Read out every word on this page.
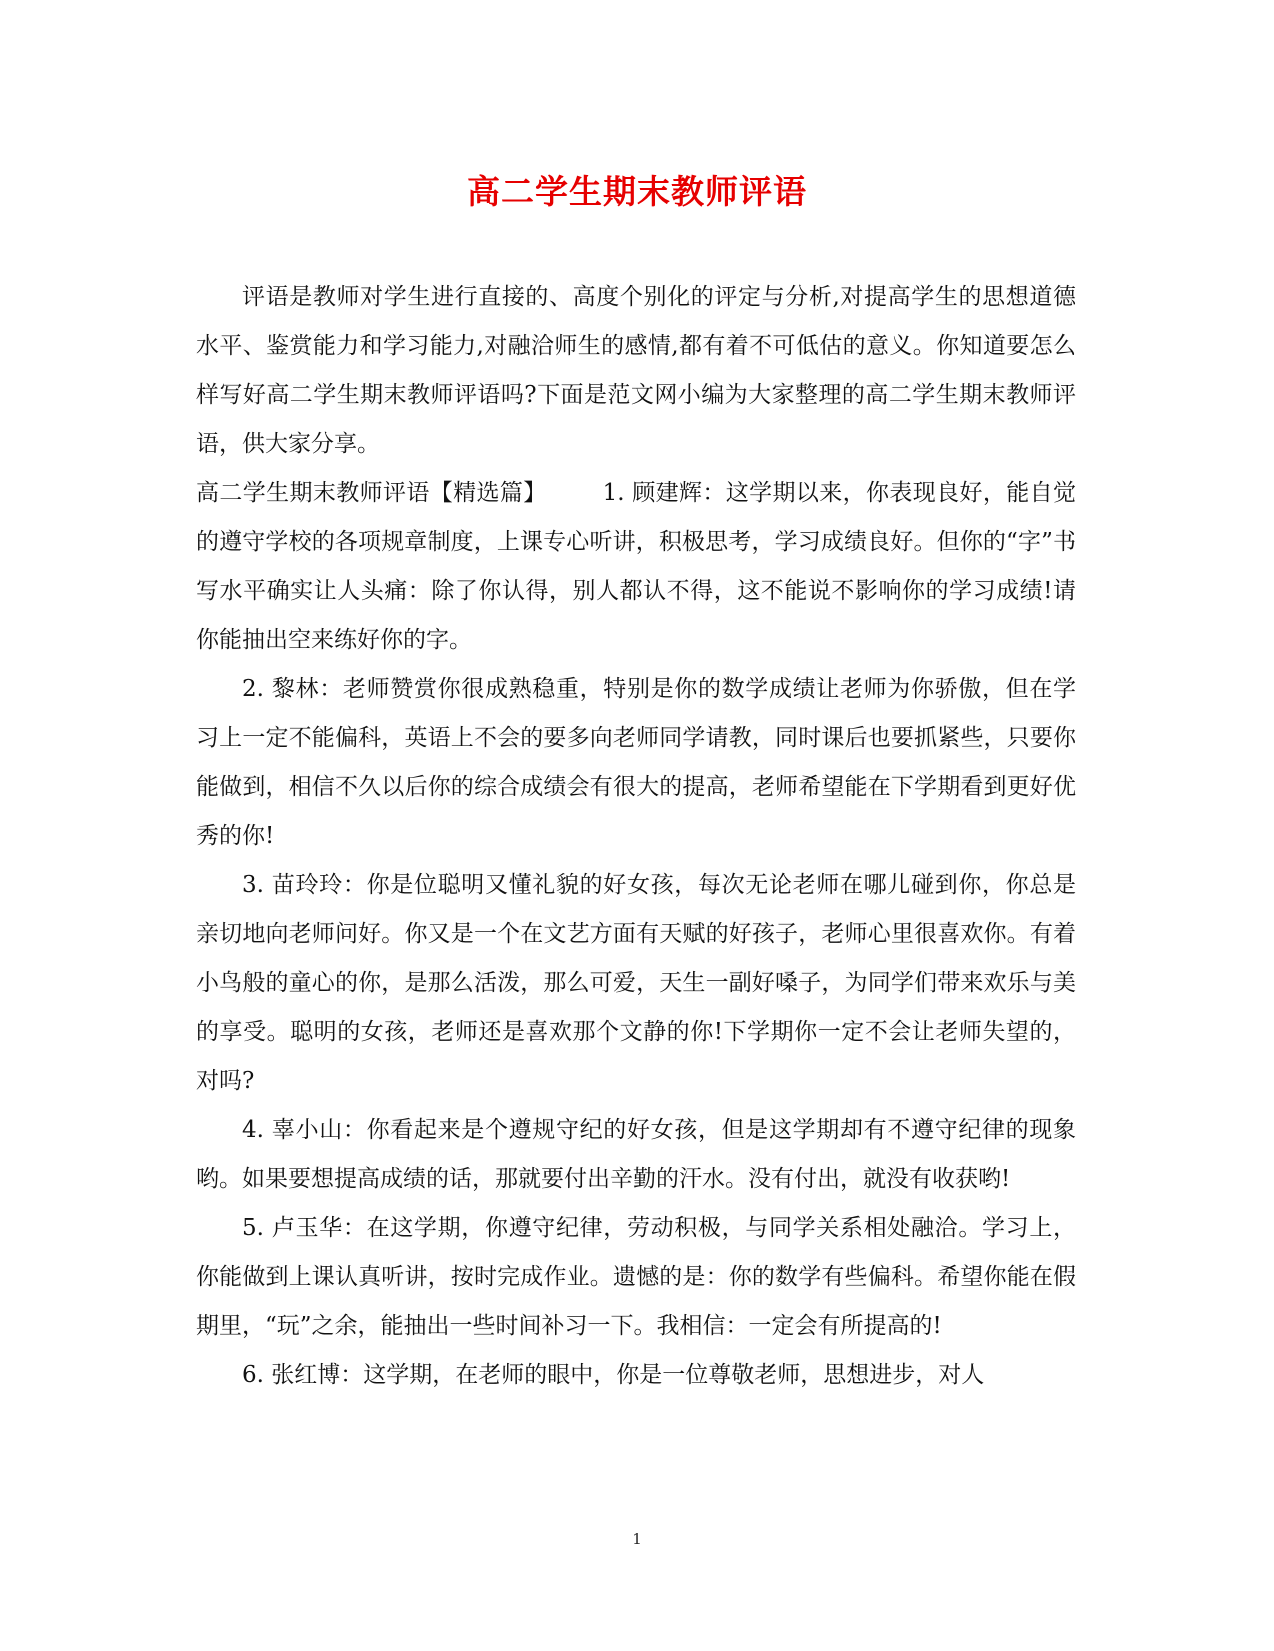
高二学生期末教师评语

评语是教师对学生进行直接的、高度个别化的评定与分析,对提高学生的思想道德水平、鉴赏能力和学习能力,对融洽师生的感情,都有着不可低估的意义。你知道要怎么样写好高二学生期末教师评语吗?下面是范文网小编为大家整理的高二学生期末教师评语，供大家分享。

高二学生期末教师评语【精选篇】 1. 顾建辉：这学期以来，你表现良好，能自觉的遵守学校的各项规章制度，上课专心听讲，积极思考，学习成绩良好。但你的“字”书写水平确实让人头痛：除了你认得，别人都认不得，这不能说不影响你的学习成绩!请你能抽出空来练好你的字。

2. 黎林：老师赞赏你很成熟稳重，特别是你的数学成绩让老师为你骄傲，但在学习上一定不能偏科，英语上不会的要多向老师同学请教，同时课后也要抓紧些，只要你能做到，相信不久以后你的综合成绩会有很大的提高，老师希望能在下学期看到更好优秀的你!

3. 苗玲玲：你是位聪明又懂礼貌的好女孩，每次无论老师在哪儿碰到你，你总是亲切地向老师问好。你又是一个在文艺方面有天赋的好孩子，老师心里很喜欢你。有着小鸟般的童心的你，是那么活泼，那么可爱，天生一副好嗓子，为同学们带来欢乐与美的享受。聪明的女孩，老师还是喜欢那个文静的你!下学期你一定不会让老师失望的，对吗?

4. 辜小山：你看起来是个遵规守纪的好女孩，但是这学期却有不遵守纪律的现象哟。如果要想提高成绩的话，那就要付出辛勤的汗水。没有付出，就没有收获哟!

5. 卢玉华：在这学期，你遵守纪律，劳动积极，与同学关系相处融洽。学习上，你能做到上课认真听讲，按时完成作业。遗憾的是：你的数学有些偏科。希望你能在假期里，“玩”之余，能抽出一些时间补习一下。我相信：一定会有所提高的!

6. 张红博：这学期，在老师的眼中，你是一位尊敬老师，思想进步，对人

1
